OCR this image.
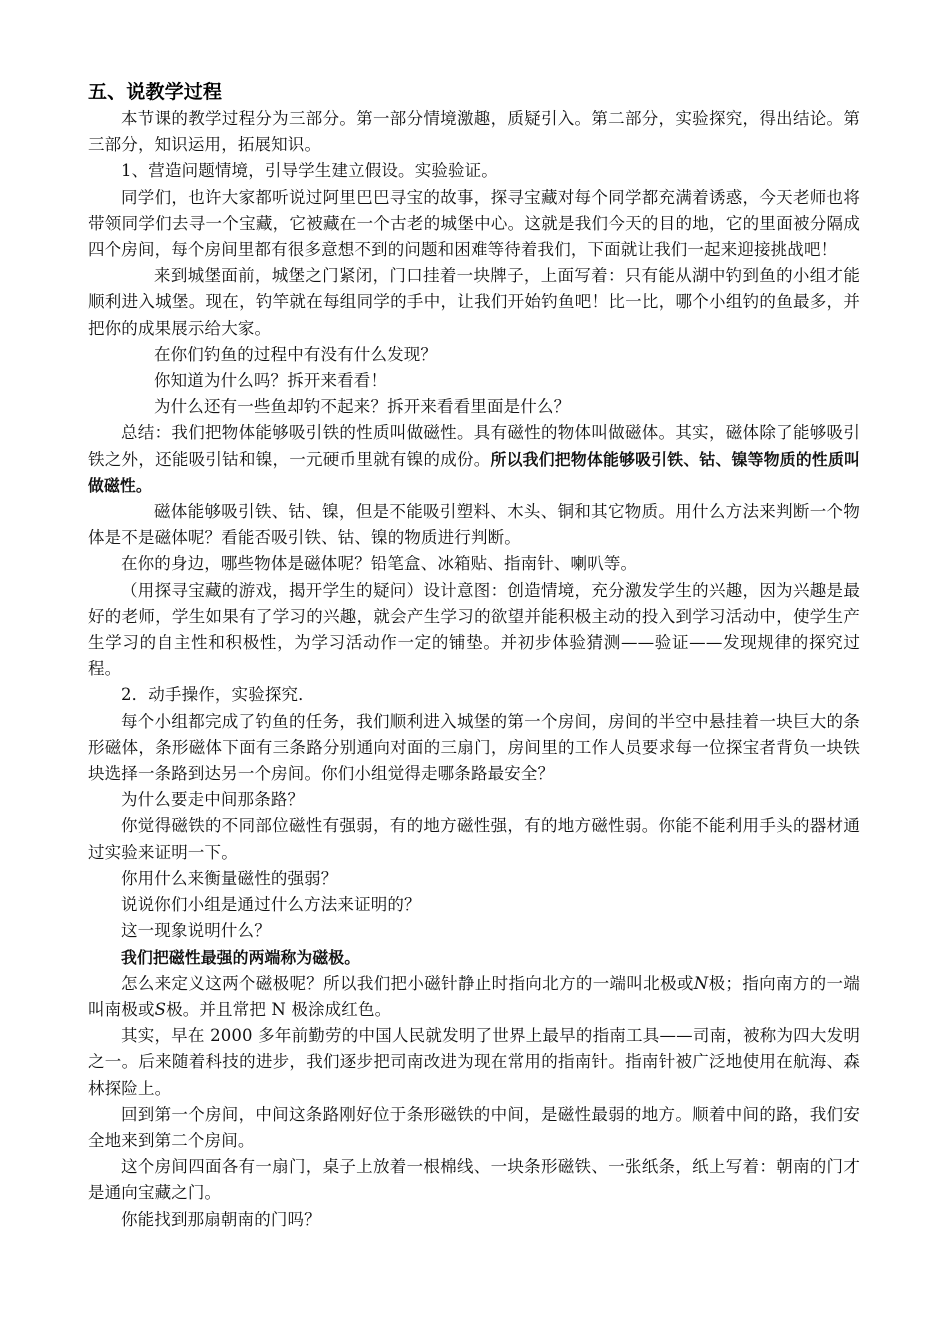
五、说教学过程

本节课的教学过程分为三部分。第一部分情境激趣，质疑引入。第二部分，实验探究，得出结论。第三部分，知识运用，拓展知识。

1、营造问题情境，引导学生建立假设。实验验证。

同学们，也许大家都听说过阿里巴巴寻宝的故事，探寻宝藏对每个同学都充满着诱惑，今天老师也将带领同学们去寻一个宝藏，它被藏在一个古老的城堡中心。这就是我们今天的目的地，它的里面被分隔成四个房间，每个房间里都有很多意想不到的问题和困难等待着我们，下面就让我们一起来迎接挑战吧！

来到城堡面前，城堡之门紧闭，门口挂着一块牌子，上面写着：只有能从湖中钓到鱼的小组才能顺利进入城堡。现在，钓竿就在每组同学的手中，让我们开始钓鱼吧！比一比，哪个小组钓的鱼最多，并把你的成果展示给大家。

在你们钓鱼的过程中有没有什么发现？

你知道为什么吗？拆开来看看！

为什么还有一些鱼却钓不起来？拆开来看看里面是什么？

总结：我们把物体能够吸引铁的性质叫做磁性。具有磁性的物体叫做磁体。其实，磁体除了能够吸引铁之外，还能吸引钴和镍，一元硬币里就有镍的成份。所以我们把物体能够吸引铁、钴、镍等物质的性质叫做磁性。

磁体能够吸引铁、钴、镍，但是不能吸引塑料、木头、铜和其它物质。用什么方法来判断一个物体是不是磁体呢？看能否吸引铁、钴、镍的物质进行判断。

在你的身边，哪些物体是磁体呢？铅笔盒、冰箱贴、指南针、喇叭等。

（用探寻宝藏的游戏，揭开学生的疑问）设计意图：创造情境，充分激发学生的兴趣，因为兴趣是最好的老师，学生如果有了学习的兴趣，就会产生学习的欲望并能积极主动的投入到学习活动中，使学生产生学习的自主性和积极性，为学习活动作一定的铺垫。并初步体验猜测——验证——发现规律的探究过程。

2．动手操作，实验探究．

每个小组都完成了钓鱼的任务，我们顺利进入城堡的第一个房间，房间的半空中悬挂着一块巨大的条形磁体，条形磁体下面有三条路分别通向对面的三扇门，房间里的工作人员要求每一位探宝者背负一块铁块选择一条路到达另一个房间。你们小组觉得走哪条路最安全？

为什么要走中间那条路？

你觉得磁铁的不同部位磁性有强弱，有的地方磁性强，有的地方磁性弱。你能不能利用手头的器材通过实验来证明一下。

你用什么来衡量磁性的强弱？

说说你们小组是通过什么方法来证明的？

这一现象说明什么？

我们把磁性最强的两端称为磁极。

怎么来定义这两个磁极呢？所以我们把小磁针静止时指向北方的一端叫北极或N极；指向南方的一端叫南极或S极。并且常把 N 极涂成红色。

其实，早在 2000 多年前勤劳的中国人民就发明了世界上最早的指南工具——司南，被称为四大发明之一。后来随着科技的进步，我们逐步把司南改进为现在常用的指南针。指南针被广泛地使用在航海、森林探险上。

回到第一个房间，中间这条路刚好位于条形磁铁的中间，是磁性最弱的地方。顺着中间的路，我们安全地来到第二个房间。

这个房间四面各有一扇门，桌子上放着一根棉线、一块条形磁铁、一张纸条，纸上写着：朝南的门才是通向宝藏之门。

你能找到那扇朝南的门吗？
